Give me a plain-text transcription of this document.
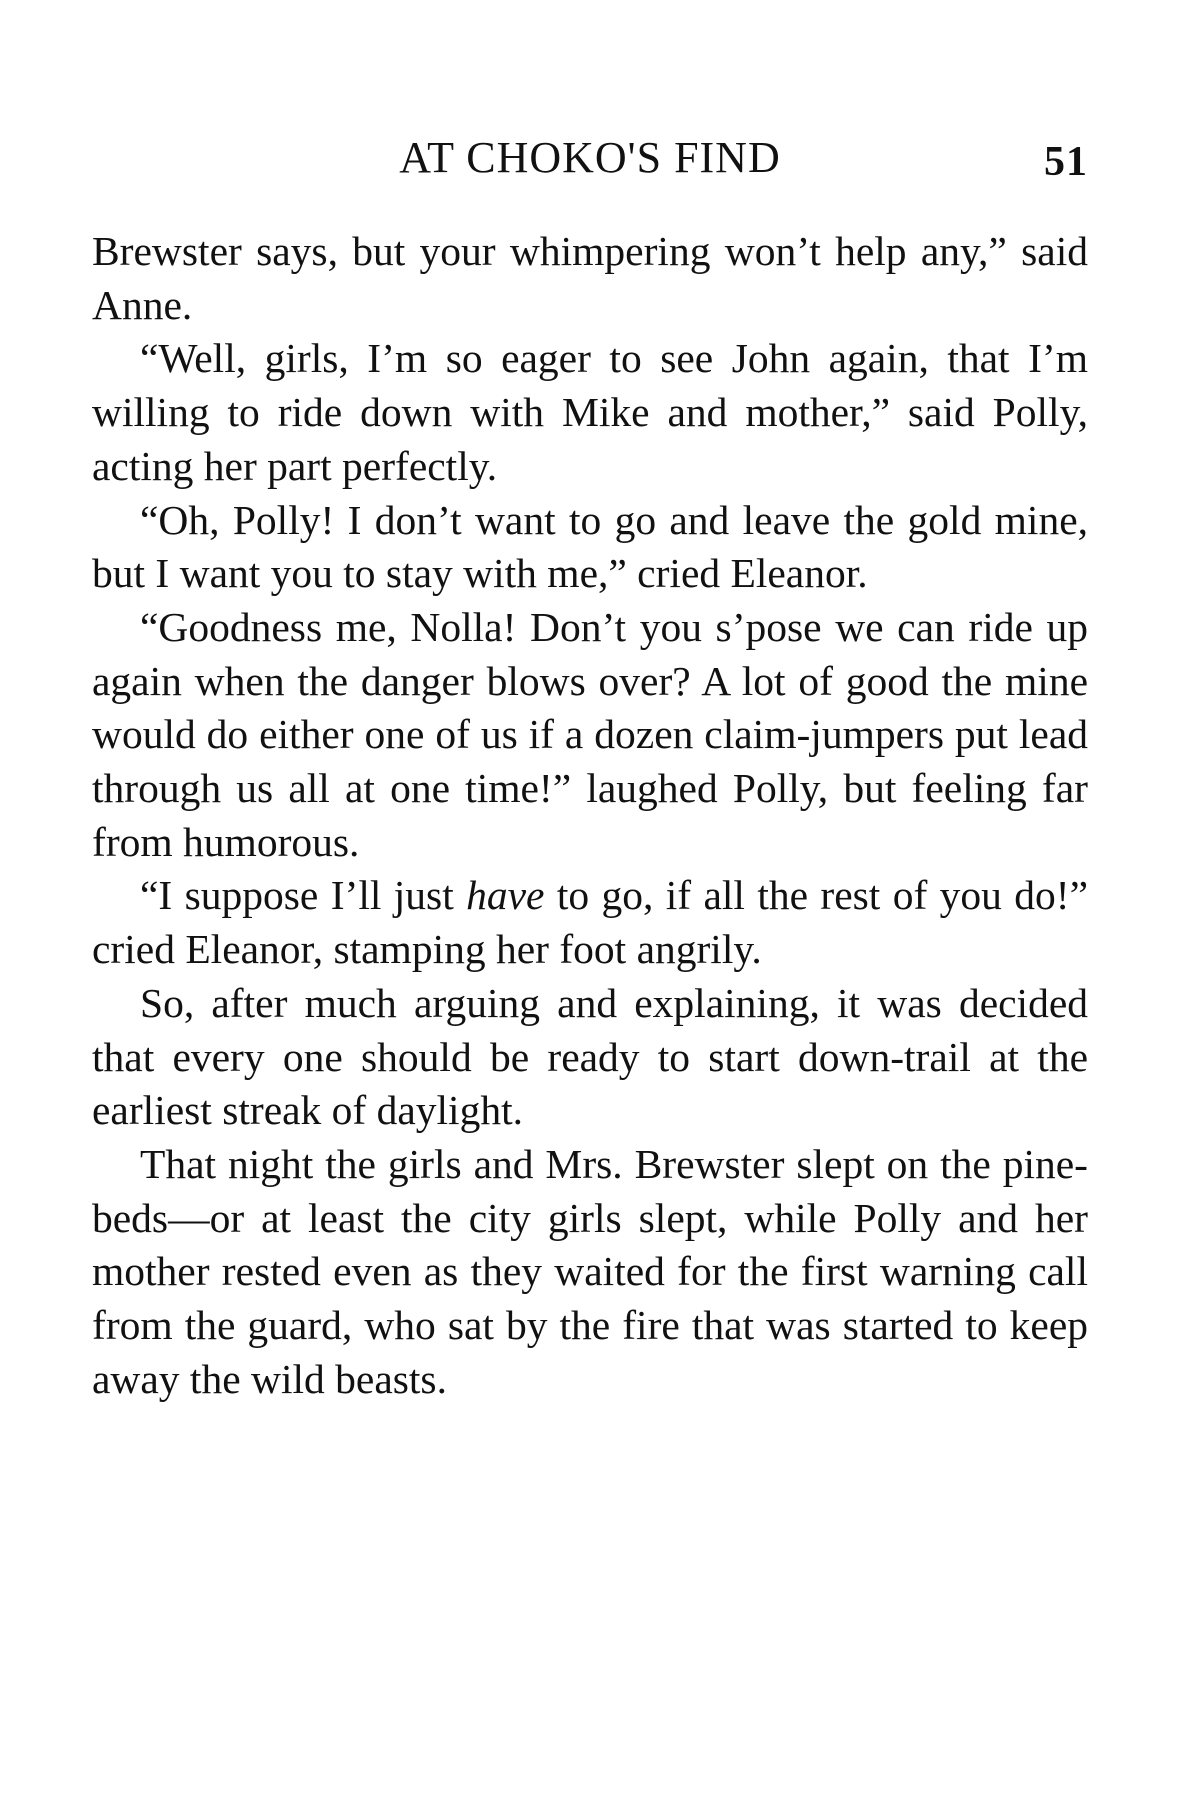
AT CHOKO'S FIND	51

Brewster says, but your whimpering won’t help any,” said Anne.

“Well, girls, I’m so eager to see John again, that I’m willing to ride down with Mike and mother,” said Polly, acting her part perfectly.

“Oh, Polly! I don’t want to go and leave the gold mine, but I want you to stay with me,” cried Eleanor.

“Goodness me, Nolla! Don’t you s’pose we can ride up again when the danger blows over? A lot of good the mine would do either one of us if a dozen claim-jumpers put lead through us all at one time!” laughed Polly, but feeling far from humorous.

“I suppose I’ll just have to go, if all the rest of you do!” cried Eleanor, stamping her foot angrily.

So, after much arguing and explaining, it was decided that every one should be ready to start down-trail at the earliest streak of daylight.

That night the girls and Mrs. Brewster slept on the pine-beds—or at least the city girls slept, while Polly and her mother rested even as they waited for the first warning call from the guard, who sat by the fire that was started to keep away the wild beasts.
